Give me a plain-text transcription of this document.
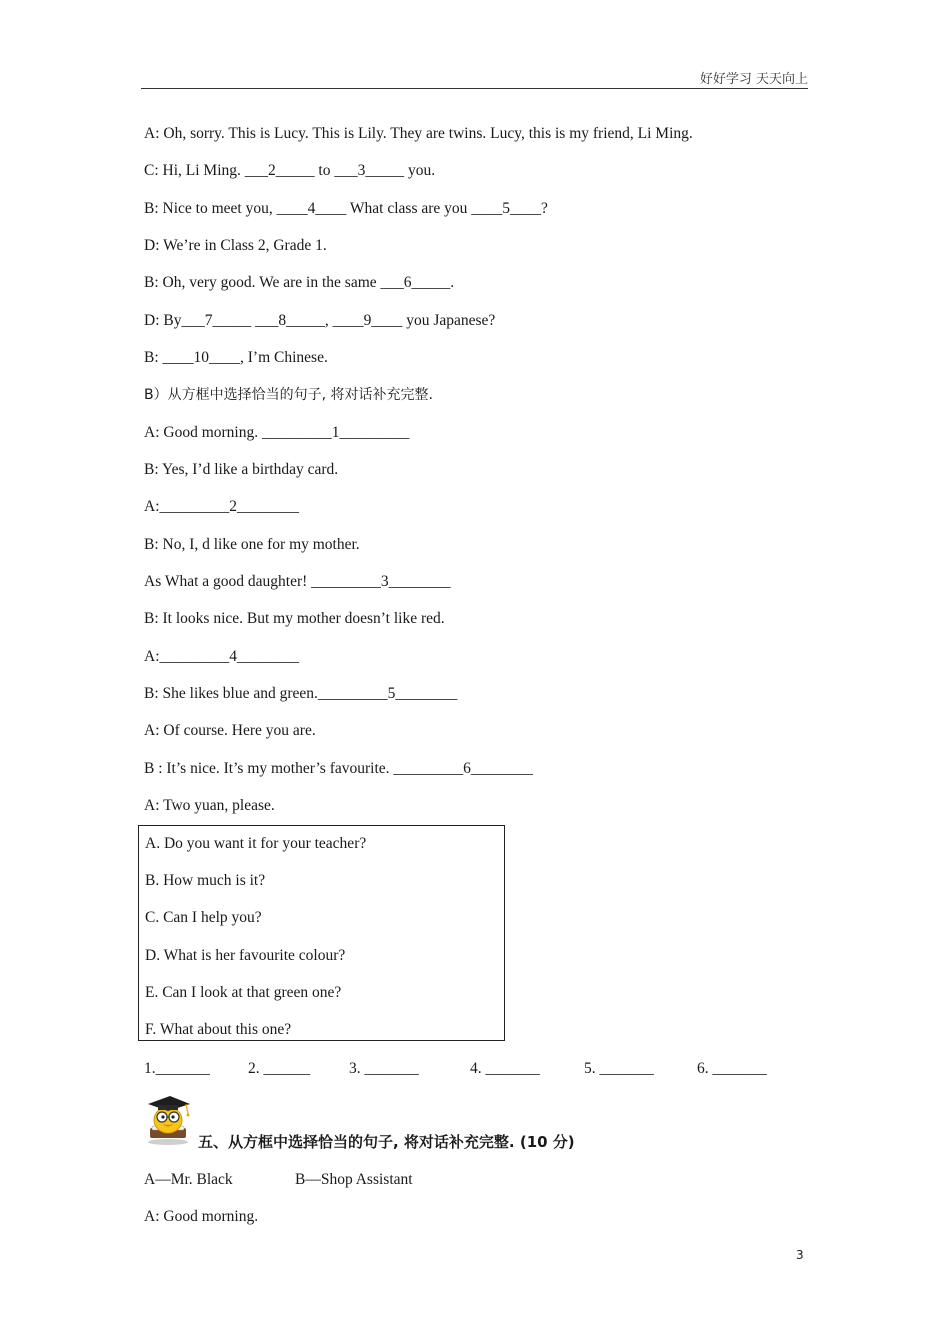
好好学习 天天向上
A: Oh, sorry. This is Lucy. This is Lily. They are twins. Lucy, this is my friend, Li Ming.
C: Hi, Li Ming. ___2_____ to ___3_____ you.
B: Nice to meet you, ____4____ What class are you ____5____?
D: We’re in Class 2, Grade 1.
B: Oh, very good. We are in the same ___6_____.
D: By___7_____ ___8_____, ____9____ you Japanese?
B: ____10____, I’m Chinese.
B）从方框中选择恰当的句子, 将对话补充完整.
A: Good morning. _________1_________
B: Yes, I’d like a birthday card.
A:_________2________
B: No, I, d like one for my mother.
As What a good daughter! _________3________
B: It looks nice. But my mother doesn’t like red.
A:_________4________
B: She likes blue and green._________5________
A: Of course. Here you are.
B : It’s nice. It’s my mother’s favourite. _________6________
A: Two yuan, please.
A. Do you want it for your teacher?
B. How much is it?
C. Can I help you?
D. What is her favourite colour?
E. Can I look at that green one?
F. What about this one?
1._______ 2. ______	3. _______	4. _______	5. _______	6. _______
五、从方框中选择恰当的句子, 将对话补充完整. (10 分)
A—Mr. Black	B—Shop Assistant
A: Good morning.
3
